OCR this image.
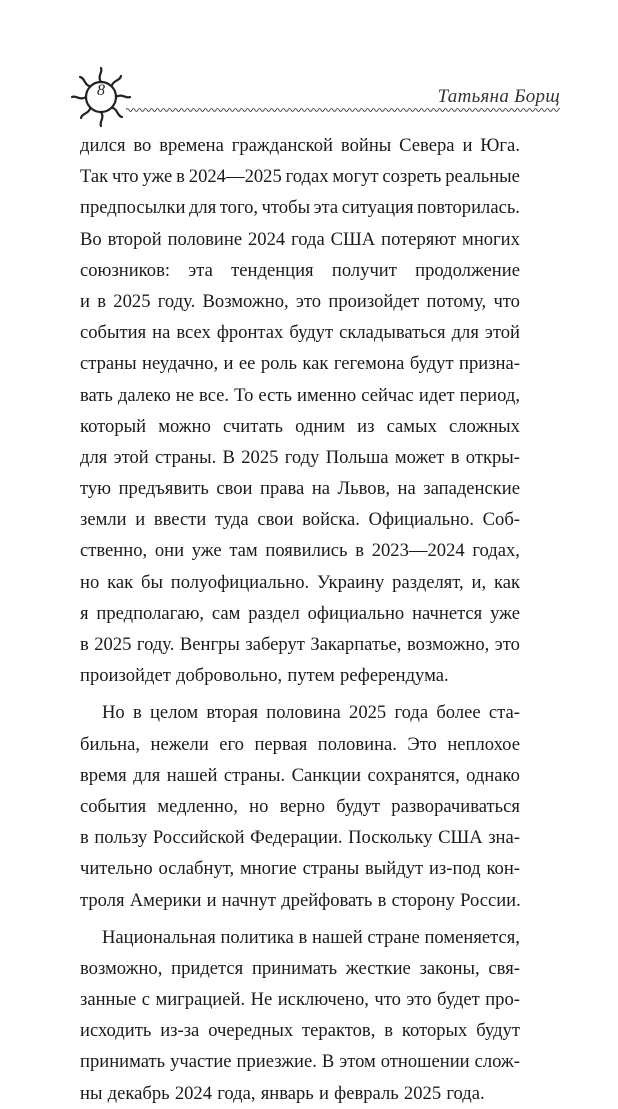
8	Татьяна Борщ
дился во времена гражданской войны Севера и Юга.
Так что уже в 2024—2025 годах могут созреть реальные
предпосылки для того, чтобы эта ситуация повторилась.
Во второй половине 2024 года США потеряют многих
союзников: эта тенденция получит продолжение
и в 2025 году. Возможно, это произойдет потому, что
события на всех фронтах будут складываться для этой
страны неудачно, и ее роль как гегемона будут призна-
вать далеко не все. То есть именно сейчас идет период,
который можно считать одним из самых сложных
для этой страны. В 2025 году Польша может в откры-
тую предъявить свои права на Львов, на западенские
земли и ввести туда свои войска. Официально. Соб-
ственно, они уже там появились в 2023—2024 годах,
но как бы полуофициально. Украину разделят, и, как
я предполагаю, сам раздел официально начнется уже
в 2025 году. Венгры заберут Закарпатье, возможно, это
произойдет добровольно, путем референдума.
Но в целом вторая половина 2025 года более ста-
бильна, нежели его первая половина. Это неплохое
время для нашей страны. Санкции сохранятся, однако
события медленно, но верно будут разворачиваться
в пользу Российской Федерации. Поскольку США зна-
чительно ослабнут, многие страны выйдут из-под кон-
троля Америки и начнут дрейфовать в сторону России.
Национальная политика в нашей стране поменяется,
возможно, придется принимать жесткие законы, свя-
занные с миграцией. Не исключено, что это будет про-
исходить из-за очередных терактов, в которых будут
принимать участие приезжие. В этом отношении слож-
ны декабрь 2024 года, январь и февраль 2025 года.
